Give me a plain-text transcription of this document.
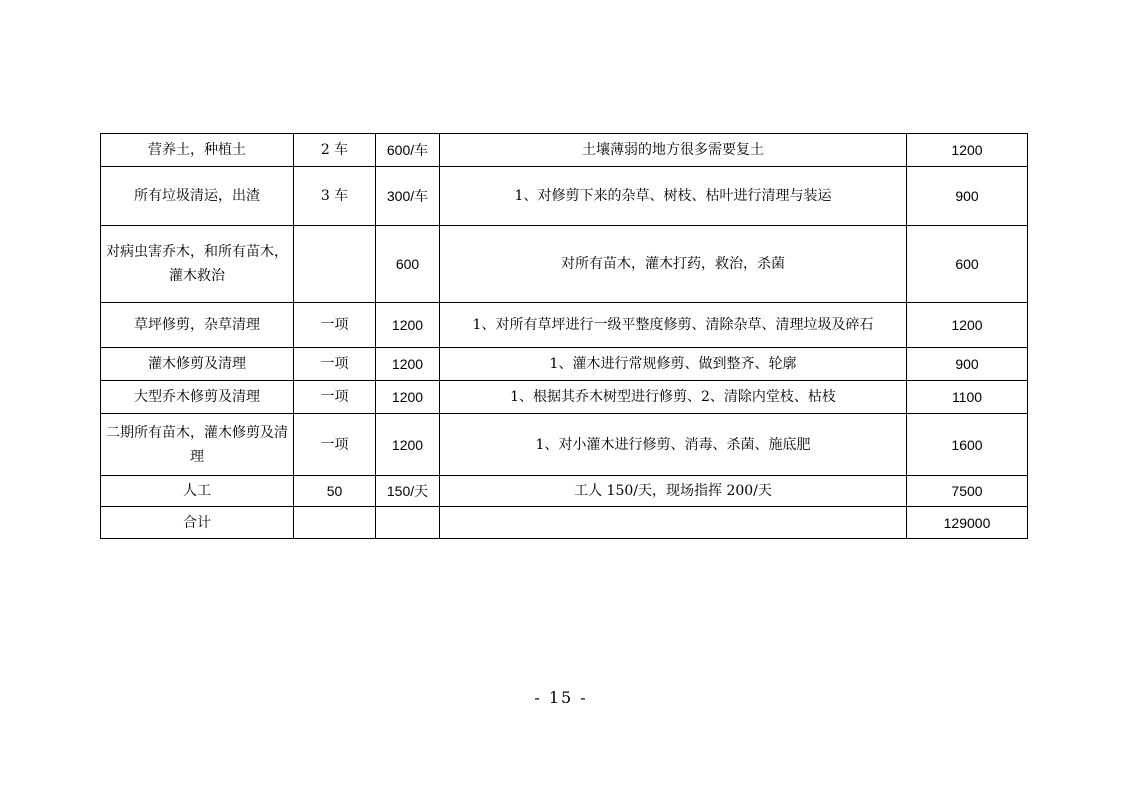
营养土，种植土	2 车	600/车	土壤薄弱的地方很多需要复土	1200
所有垃圾清运，出渣	3 车	300/车	1、对修剪下来的杂草、树枝、枯叶进行清理与装运	900
对病虫害乔木，和所有苗木，灌木救治		600	对所有苗木，灌木打药，救治，杀菌	600
草坪修剪，杂草清理	一项	1200	1、对所有草坪进行一级平整度修剪、清除杂草、清理垃圾及碎石	1200
灌木修剪及清理	一项	1200	1、灌木进行常规修剪、做到整齐、轮廓	900
大型乔木修剪及清理	一项	1200	1、根据其乔木树型进行修剪、2、清除内堂枝、枯枝	1100
二期所有苗木，灌木修剪及清理	一项	1200	1、对小灌木进行修剪、消毒、杀菌、施底肥	1600
人工	50	150/天	工人 150/天，现场指挥 200/天	7500
合计				129000
- 15 -
